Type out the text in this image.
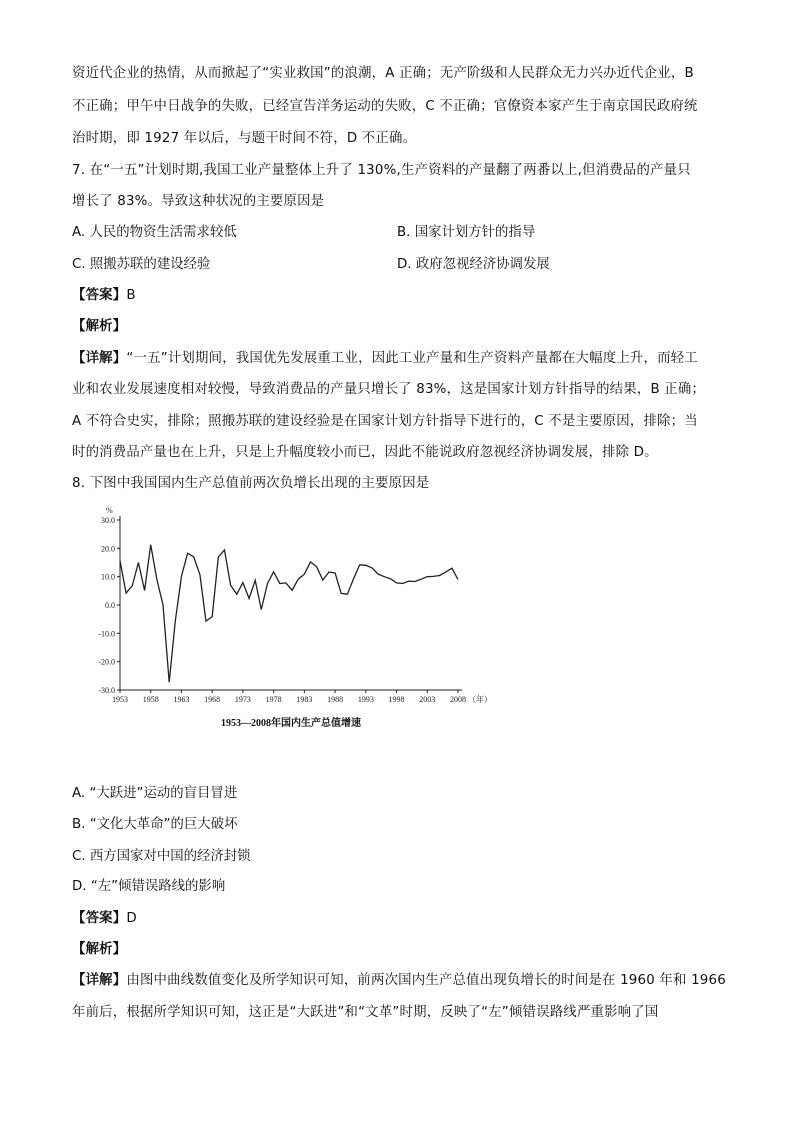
资近代企业的热情，从而掀起了“实业救国”的浪潮，A 正确；无产阶级和人民群众无力兴办近代企业，B
不正确；甲午中日战争的失败，已经宣告洋务运动的失败，C 不正确；官僚资本家产生于南京国民政府统
治时期，即 1927 年以后，与题干时间不符，D 不正确。
7. 在“一五”计划时期,我国工业产量整体上升了 130%,生产资料的产量翻了两番以上,但消费品的产量只
增长了 83%。导致这种状况的主要原因是
A. 人民的物资生活需求较低	B. 国家计划方针的指导
C. 照搬苏联的建设经验	D. 政府忽视经济协调发展
【答案】B
【解析】
【详解】“一五”计划期间，我国优先发展重工业，因此工业产量和生产资料产量都在大幅度上升，而轻工
业和农业发展速度相对较慢，导致消费品的产量只增长了 83%，这是国家计划方针指导的结果，B 正确；
A 不符合史实，排除；照搬苏联的建设经验是在国家计划方针指导下进行的，C 不是主要原因，排除；当
时的消费品产量也在上升，只是上升幅度较小而已，因此不能说政府忽视经济协调发展，排除 D。
8. 下图中我国国内生产总值前两次负增长出现的主要原因是
30.0
20.0
10.0
0.0
-10.0
-20.0
-30.0
1953 1958 1963 1968 1973 1978 1983 1988 1993 1998 2003 2008
%
（年）
1953—2008年国内生产总值增速
A. “大跃进”运动的盲目冒进
B. “文化大革命”的巨大破坏
C. 西方国家对中国的经济封锁
D. “左”倾错误路线的影响
【答案】D
【解析】
【详解】由图中曲线数值变化及所学知识可知，前两次国内生产总值出现负增长的时间是在 1960 年和 1966
年前后，根据所学知识可知，这正是“大跃进”和“文革”时期，反映了“左”倾错误路线严重影响了国
